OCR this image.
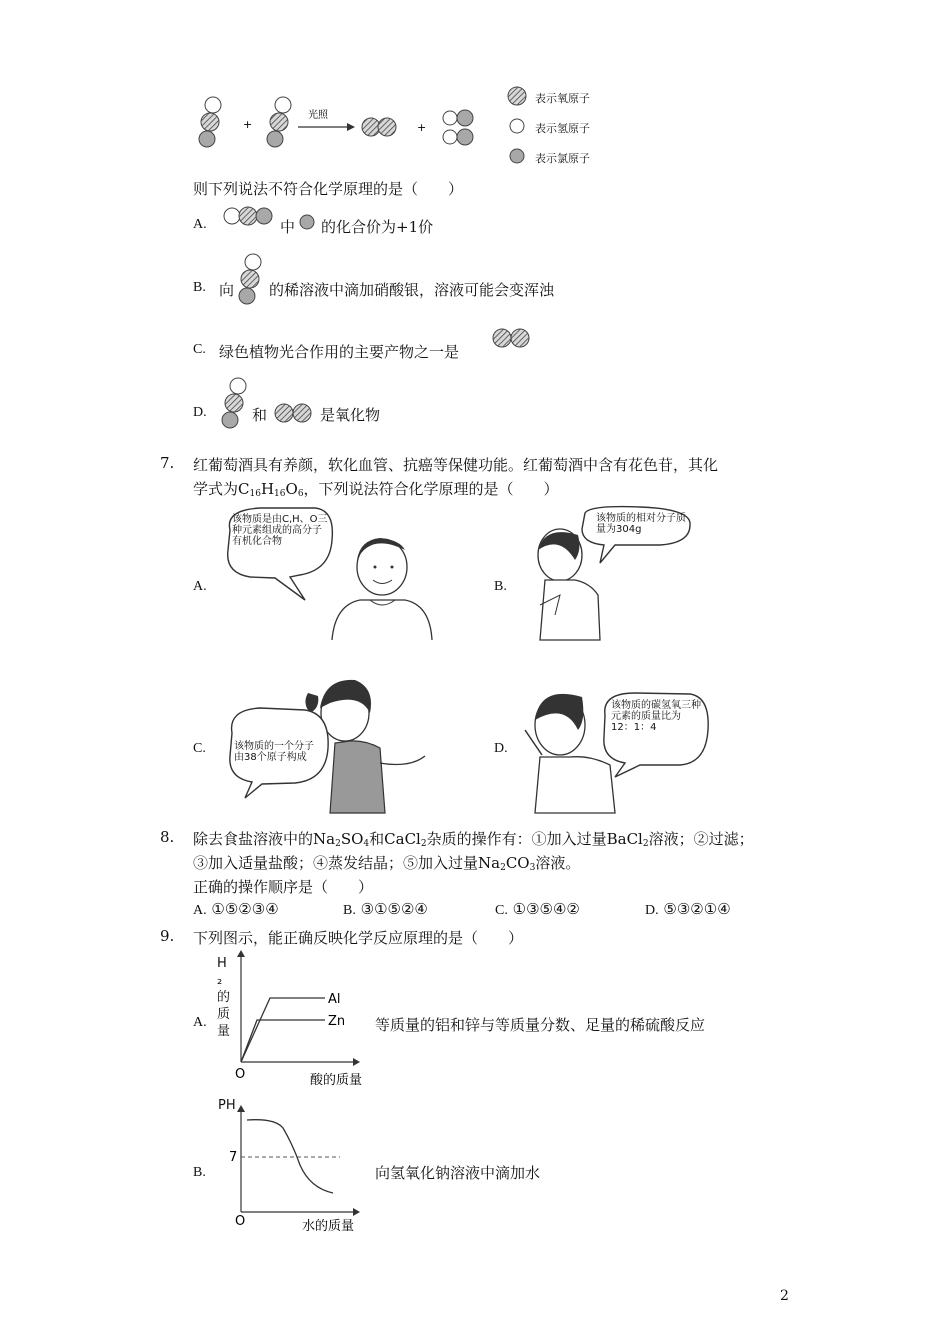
+
光照
+
表示氧原子
表示氢原子
表示氯原子
则下列说法不符合化学原理的是（　　）
A.	中 的化合价为+1价
B. 向 的稀溶液中滴加硝酸银，溶液可能会变浑浊
C. 绿色植物光合作用的主要产物之一是
D.	和	是氧化物
7. 红葡萄酒具有养颜，软化血管、抗癌等保健功能。红葡萄酒中含有花色苷，其化
学式为$C_{16}H_{16}O_6$，下列说法符合化学原理的是（　　）
A.
该物质是由C,H、O三种元素组成的高分子有机化合物
B.
该物质的相对分子质量为304g
C.	该物质的一个分子由38个原子构成
D.
该物质的碳氢氧三种元素的质量比为12：1：4
8. 除去食盐溶液中的$Na_2SO_4$和CaCl$_2$杂质的操作有：①加入过量BaCl$_2$溶液；②过滤；
③加入适量盐酸；④蒸发结晶；⑤加入过量$Na_2CO_3$溶液。
正确的操作顺序是（　　）
A. ①⑤②③④	B. ③①⑤②④	C. ①③⑤④②	D. ⑤③②①④
9. 下列图示，能正确反映化学反应原理的是（　　）
A.
Al
Zn
O	酸的质量
H₂的质量	等质量的铝和锌与等质量分数、足量的稀硫酸反应
B.
PH
7
O	水的质量
向氢氧化钠溶液中滴加水
2
